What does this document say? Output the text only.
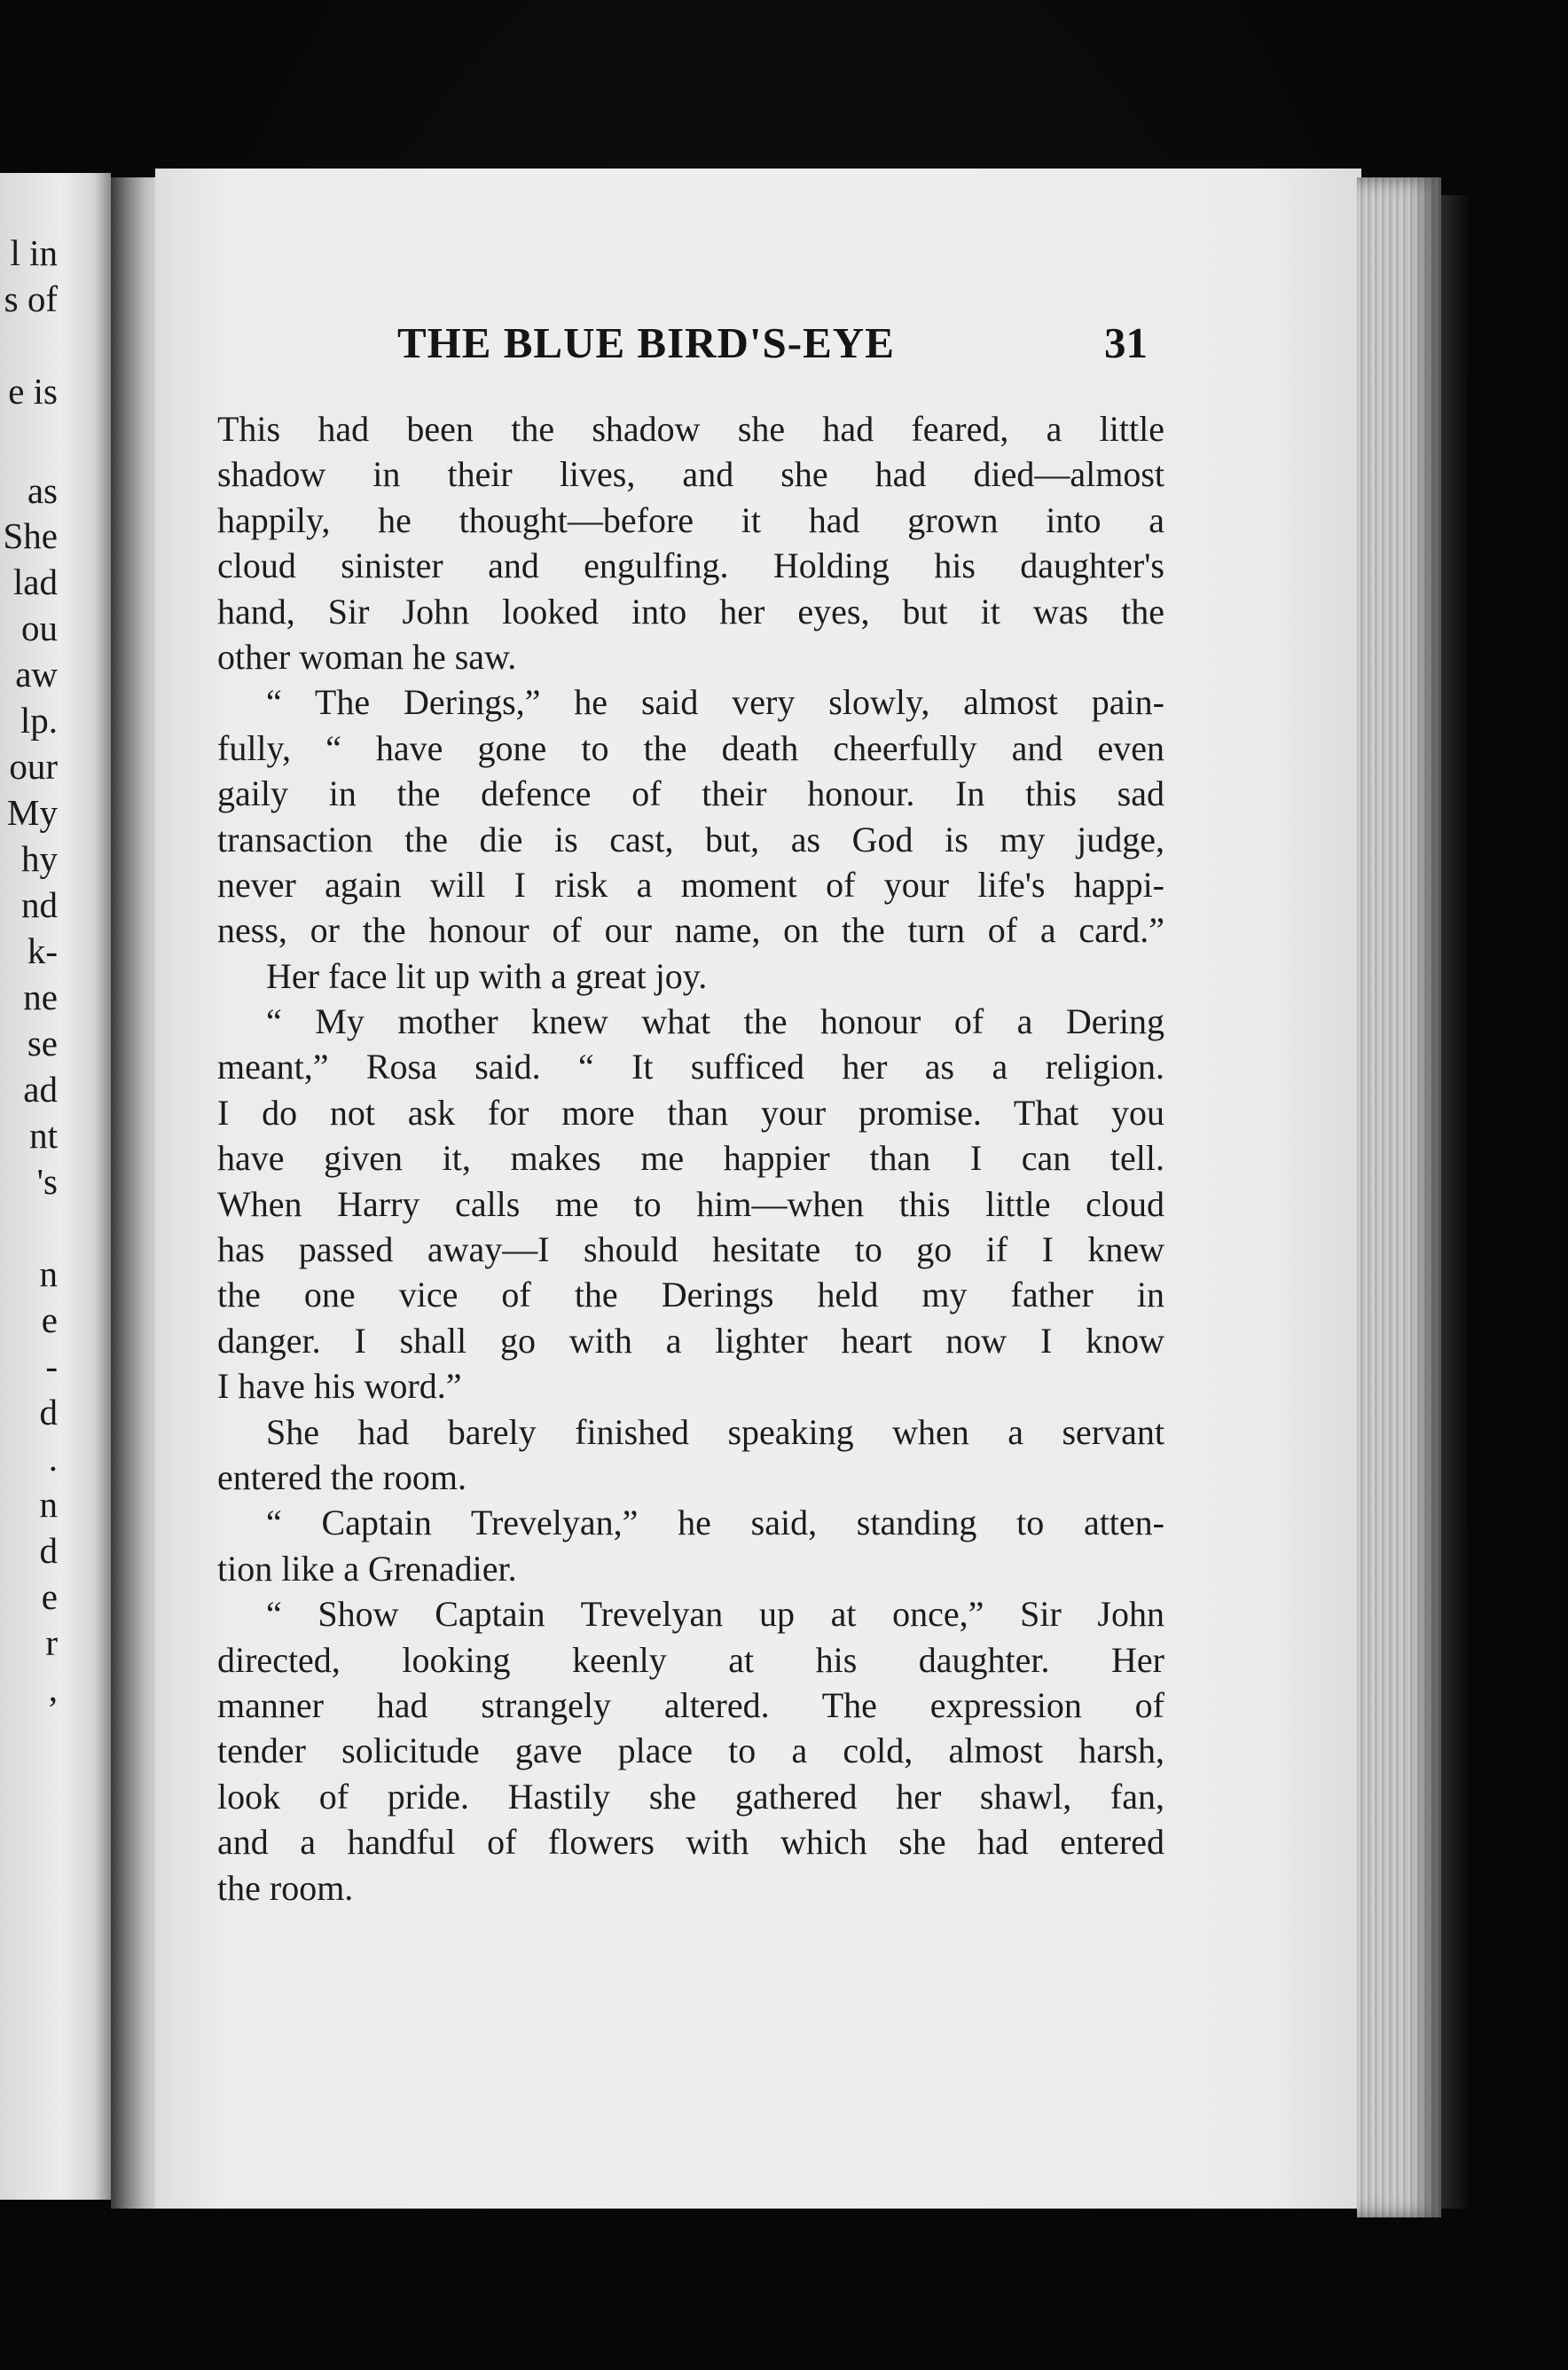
l in
s of
e is
as
She
lad
ou
aw
lp.
our
My
hy
nd
k-
ne
se
ad
nt
's
n
e
-
d
.
n
d
e
r
,
THE BLUE BIRD'S-EYE	31
This had been the shadow she had feared, a little
shadow in their lives, and she had died—almost
happily, he thought—before it had grown into a
cloud sinister and engulfing. Holding his daughter's
hand, Sir John looked into her eyes, but it was the
other woman he saw.
“ The Derings,” he said very slowly, almost pain-
fully, “ have gone to the death cheerfully and even
gaily in the defence of their honour. In this sad
transaction the die is cast, but, as God is my judge,
never again will I risk a moment of your life's happi-
ness, or the honour of our name, on the turn of a card.”
Her face lit up with a great joy.
“ My mother knew what the honour of a Dering
meant,” Rosa said. “ It sufficed her as a religion.
I do not ask for more than your promise. That you
have given it, makes me happier than I can tell.
When Harry calls me to him—when this little cloud
has passed away—I should hesitate to go if I knew
the one vice of the Derings held my father in
danger. I shall go with a lighter heart now I know
I have his word.”
She had barely finished speaking when a servant
entered the room.
“ Captain Trevelyan,” he said, standing to atten-
tion like a Grenadier.
“ Show Captain Trevelyan up at once,” Sir John
directed, looking keenly at his daughter. Her
manner had strangely altered. The expression of
tender solicitude gave place to a cold, almost harsh,
look of pride. Hastily she gathered her shawl, fan,
and a handful of flowers with which she had entered
the room.
